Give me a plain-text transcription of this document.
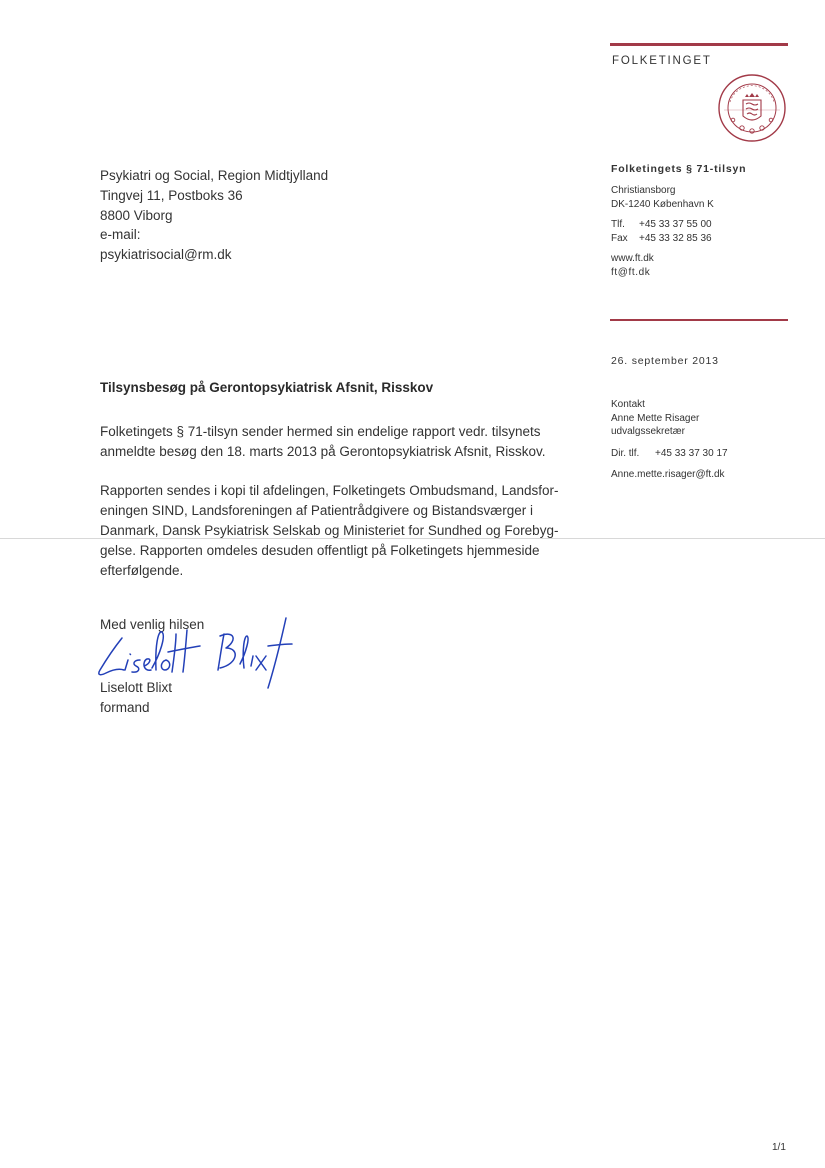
FOLKETINGET
Psykiatri og Social, Region Midtjylland
Tingvej 11, Postboks 36
8800 Viborg
e-mail:
psykiatrisocial@rm.dk
Folketingets § 71-tilsyn
Christiansborg
DK-1240 København K
Tlf. +45 33 37 55 00
Fax +45 33 32 85 36
www.ft.dk
ft@ft.dk
26. september 2013
Kontakt
Anne Mette Risager
udvalgssekretær
Dir. tlf. +45 33 37 30 17
Anne.mette.risager@ft.dk
Tilsynsbesøg på Gerontopsykiatrisk Afsnit, Risskov
Folketingets § 71-tilsyn sender hermed sin endelige rapport vedr. tilsynets
anmeldte besøg den 18. marts 2013 på Gerontopsykiatrisk Afsnit, Risskov.
Rapporten sendes i kopi til afdelingen, Folketingets Ombudsmand, Landsfor-
eningen SIND, Landsforeningen af Patientrådgivere og Bistandsværger i
Danmark, Dansk Psykiatrisk Selskab og Ministeriet for Sundhed og Forebyg-
gelse. Rapporten omdeles desuden offentligt på Folketingets hjemmeside
efterfølgende.
Med venlig hilsen
Liselott Blixt
formand
1/1
